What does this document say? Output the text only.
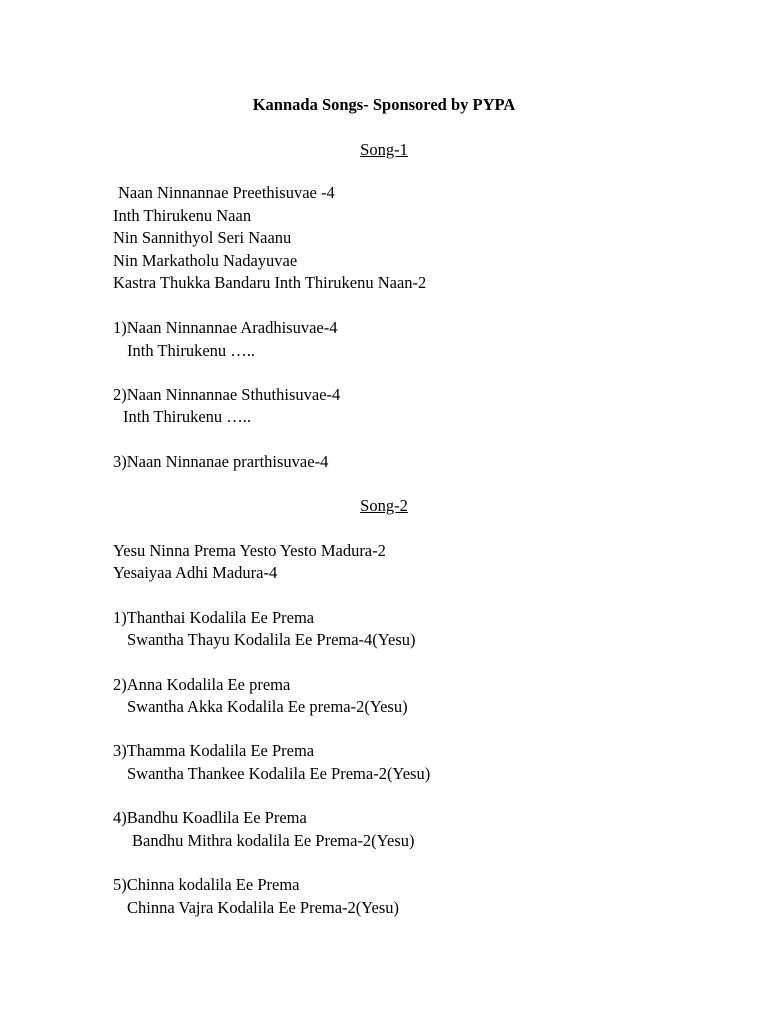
Kannada Songs- Sponsored by PYPA

Song-1

Naan Ninnannae Preethisuvae -4

Inth Thirukenu Naan

Nin Sannithyol Seri Naanu

Nin Markatholu Nadayuvae

Kastra Thukka Bandaru Inth Thirukenu Naan-2

1)Naan Ninnannae Aradhisuvae-4

Inth Thirukenu …..

2)Naan Ninnannae Sthuthisuvae-4

Inth Thirukenu …..

3)Naan Ninnanae prarthisuvae-4

Song-2

Yesu Ninna Prema Yesto Yesto Madura-2

Yesaiyaa Adhi Madura-4

1)Thanthai Kodalila Ee Prema

Swantha Thayu Kodalila Ee Prema-4(Yesu)

2)Anna Kodalila Ee prema

Swantha Akka Kodalila Ee prema-2(Yesu)

3)Thamma Kodalila Ee Prema

Swantha Thankee Kodalila Ee Prema-2(Yesu)

4)Bandhu Koadlila Ee Prema

Bandhu Mithra kodalila Ee Prema-2(Yesu)

5)Chinna kodalila Ee Prema

Chinna Vajra Kodalila Ee Prema-2(Yesu)
